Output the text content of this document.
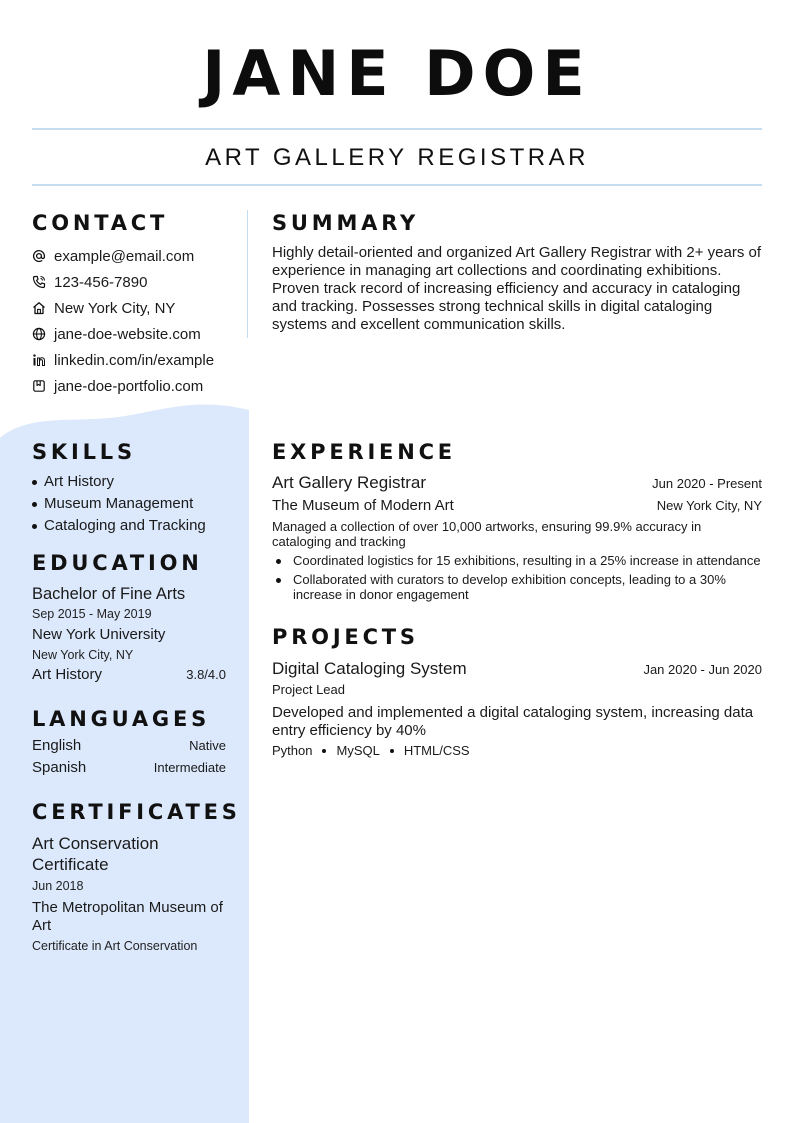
JANE DOE
ART GALLERY REGISTRAR
CONTACT
example@email.com
123-456-7890
New York City, NY
jane-doe-website.com
linkedin.com/in/example
jane-doe-portfolio.com
SKILLS
Art History
Museum Management
Cataloging and Tracking
EDUCATION
Bachelor of Fine Arts
Sep 2015 - May 2019
New York University
New York City, NY
Art History	3.8/4.0
LANGUAGES
English	Native
Spanish	Intermediate
CERTIFICATES
Art Conservation Certificate
Jun 2018
The Metropolitan Museum of Art
Certificate in Art Conservation
SUMMARY

Highly detail-oriented and organized Art Gallery Registrar with 2+ years of experience in managing art collections and coordinating exhibitions. Proven track record of increasing efficiency and accuracy in cataloging and tracking. Possesses strong technical skills in digital cataloging systems and excellent communication skills.

EXPERIENCE
Art Gallery Registrar	Jun 2020 - Present
The Museum of Modern Art	New York City, NY

Managed a collection of over 10,000 artworks, ensuring 99.9% accuracy in cataloging and tracking

Coordinated logistics for 15 exhibitions, resulting in a 25% increase in attendance
Collaborated with curators to develop exhibition concepts, leading to a 30% increase in donor engagement
PROJECTS
Digital Cataloging System	Jan 2020 - Jun 2020
Project Lead

Developed and implemented a digital cataloging system, increasing data entry efficiency by 40%

Python MySQL HTML/CSS
